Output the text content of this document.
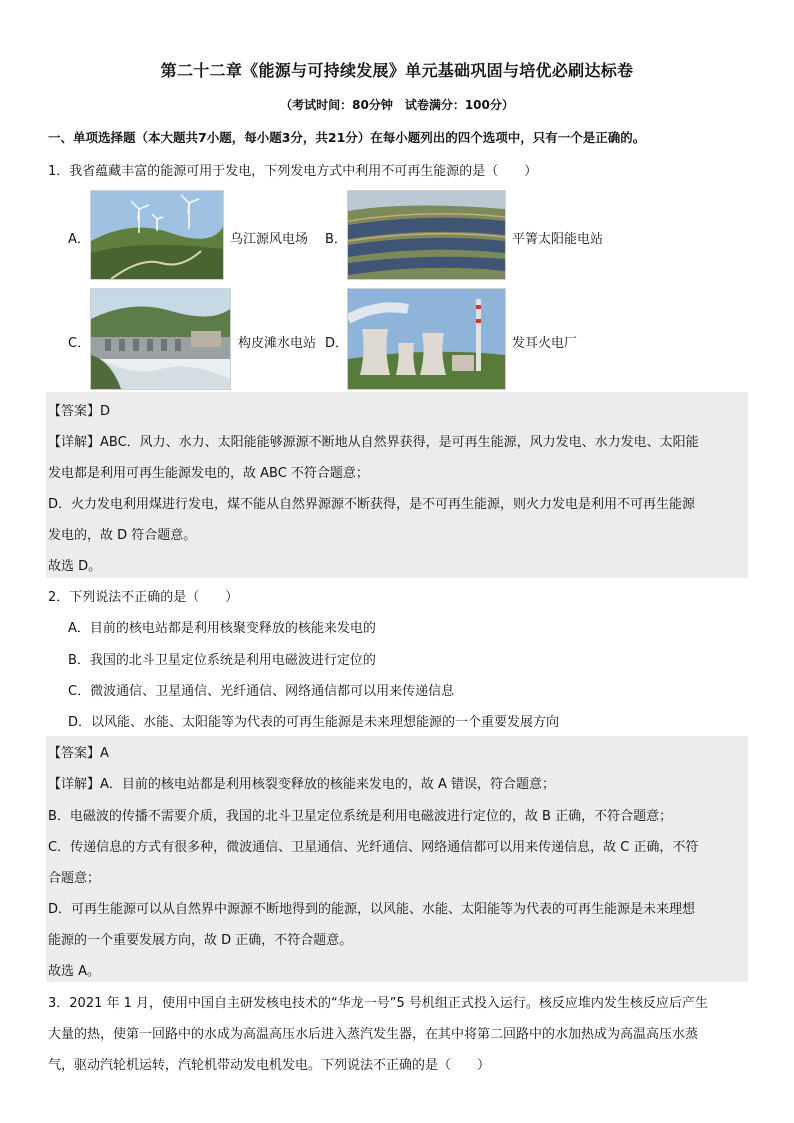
第二十二章《能源与可持续发展》单元基础巩固与培优必刷达标卷
（考试时间：80分钟　试卷满分：100分）
一、单项选择题（本大题共7小题，每小题3分，共21分）在每小题列出的四个选项中，只有一个是正确的。
1．我省蕴藏丰富的能源可用于发电，下列发电方式中利用不可再生能源的是（　　）
A．	乌江源风电场 B．	平箐太阳能电站
C．	构皮滩水电站 D．	发耳火电厂
【答案】D
【详解】ABC．风力、水力、太阳能能够源源不断地从自然界获得，是可再生能源，风力发电、水力发电、太阳能
发电都是利用可再生能源发电的，故 ABC 不符合题意；
D．火力发电利用煤进行发电，煤不能从自然界源源不断获得，是不可再生能源，则火力发电是利用不可再生能源
发电的，故 D 符合题意。
故选 D。
2．下列说法不正确的是（　　）
A．目前的核电站都是利用核聚变释放的核能来发电的
B．我国的北斗卫星定位系统是利用电磁波进行定位的
C．微波通信、卫星通信、光纤通信、网络通信都可以用来传递信息
D．以风能、水能、太阳能等为代表的可再生能源是未来理想能源的一个重要发展方向
【答案】A
【详解】A．目前的核电站都是利用核裂变释放的核能来发电的，故 A 错误，符合题意；
B．电磁波的传播不需要介质，我国的北斗卫星定位系统是利用电磁波进行定位的，故 B 正确，不符合题意；
C．传递信息的方式有很多种，微波通信、卫星通信、光纤通信、网络通信都可以用来传递信息，故 C 正确，不符
合题意；
D．可再生能源可以从自然界中源源不断地得到的能源，以风能、水能、太阳能等为代表的可再生能源是未来理想
能源的一个重要发展方向，故 D 正确，不符合题意。
故选 A。
3．2021 年 1 月，使用中国自主研发核电技术的“华龙一号”5 号机组正式投入运行。核反应堆内发生核反应后产生
大量的热，使第一回路中的水成为高温高压水后进入蒸汽发生器，在其中将第二回路中的水加热成为高温高压水蒸
气，驱动汽轮机运转，汽轮机带动发电机发电。下列说法不正确的是（　　）
